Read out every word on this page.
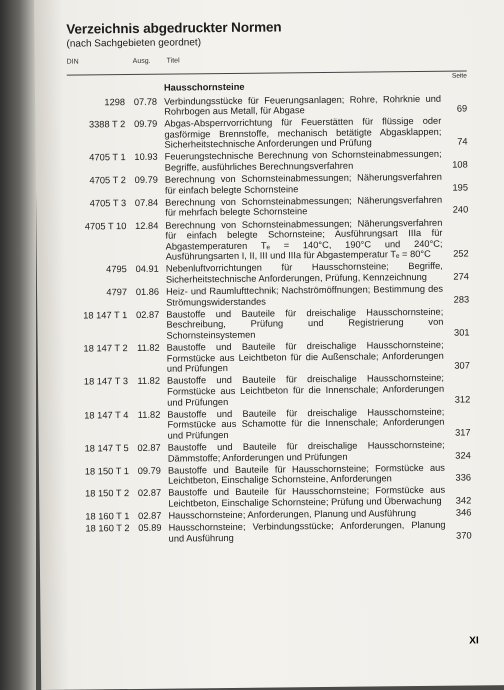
Verzeichnis abgedruckter Normen

(nach Sachgebieten geordnet)

DIN	Ausg. Titel
Hausschornsteine
Seite
1298 07.78 Verbindungsstücke für Feuerungsanlagen; Rohre, Rohrknie und Rohrbogen aus Metall, für Abgase	69
3388 T 2 09.79 Abgas-Absperrvorrichtung für Feuerstätten für flüssige oder gasförmige Brennstoffe, mechanisch betätigte Abgasklappen; Sicherheitstechnische Anforderungen und Prüfung	74
4705 T 1 10.93 Feuerungstechnische Berechnung von Schornsteinabmessungen; Begriffe, ausführliches Berechnungsverfahren	108
4705 T 2 09.79 Berechnung von Schornsteinabmessungen; Näherungsverfahren für einfach belegte Schornsteine	195
4705 T 3 07.84 Berechnung von Schornsteinabmessungen; Näherungsverfahren für mehrfach belegte Schornsteine	240
4705 T 10 12.84 Berechnung von Schornsteinabmessungen; Näherungsverfahren für einfach belegte Schornsteine; Ausführungsart IIIa für Abgastemperaturen Tₑ = 140°C, 190°C und 240°C; Ausführungsarten I, II, III und IIIa für Abgastemperatur Tₑ = 80°C	252
4795 04.91 Nebenluftvorrichtungen für Hausschornsteine; Begriffe, Sicherheitstechnische Anforderungen, Prüfung, Kennzeichnung	274
4797 01.86 Heiz- und Raumlufttechnik; Nachströmöffnungen; Bestimmung des Strömungswiderstandes	283
18 147 T 1 02.87 Baustoffe und Bauteile für dreischalige Hausschornsteine; Beschreibung, Prüfung und Registrierung von Schornsteinsystemen	301
18 147 T 2	11.82 Baustoffe und Bauteile für dreischalige Hausschornsteine; Formstücke aus Leichtbeton für die Außenschale; Anforderungen und Prüfungen	307
18 147 T 3	11.82 Baustoffe und Bauteile für dreischalige Hausschornsteine; Formstücke aus Leichtbeton für die Innenschale; Anforderungen und Prüfungen	312
18 147 T 4	11.82 Baustoffe und Bauteile für dreischalige Hausschornsteine; Formstücke aus Schamotte für die Innenschale; Anforderungen und Prüfungen	317
18 147 T 5 02.87 Baustoffe und Bauteile für dreischalige Hausschornsteine; Dämmstoffe; Anforderungen und Prüfungen	324
18 150 T 1 09.79 Baustoffe und Bauteile für Hausschornsteine; Formstücke aus Leichtbeton, Einschalige Schornsteine, Anforderungen	336
18 150 T 2 02.87 Baustoffe und Bauteile für Hausschornsteine; Formstücke aus Leichtbeton, Einschalige Schornsteine; Prüfung und Überwachung	342
18 160 T 1 02.87 Hausschornsteine; Anforderungen, Planung und Ausführung	346
18 160 T 2 05.89 Hausschornsteine; Verbindungsstücke; Anforderungen, Planung und Ausführung	370
XI
